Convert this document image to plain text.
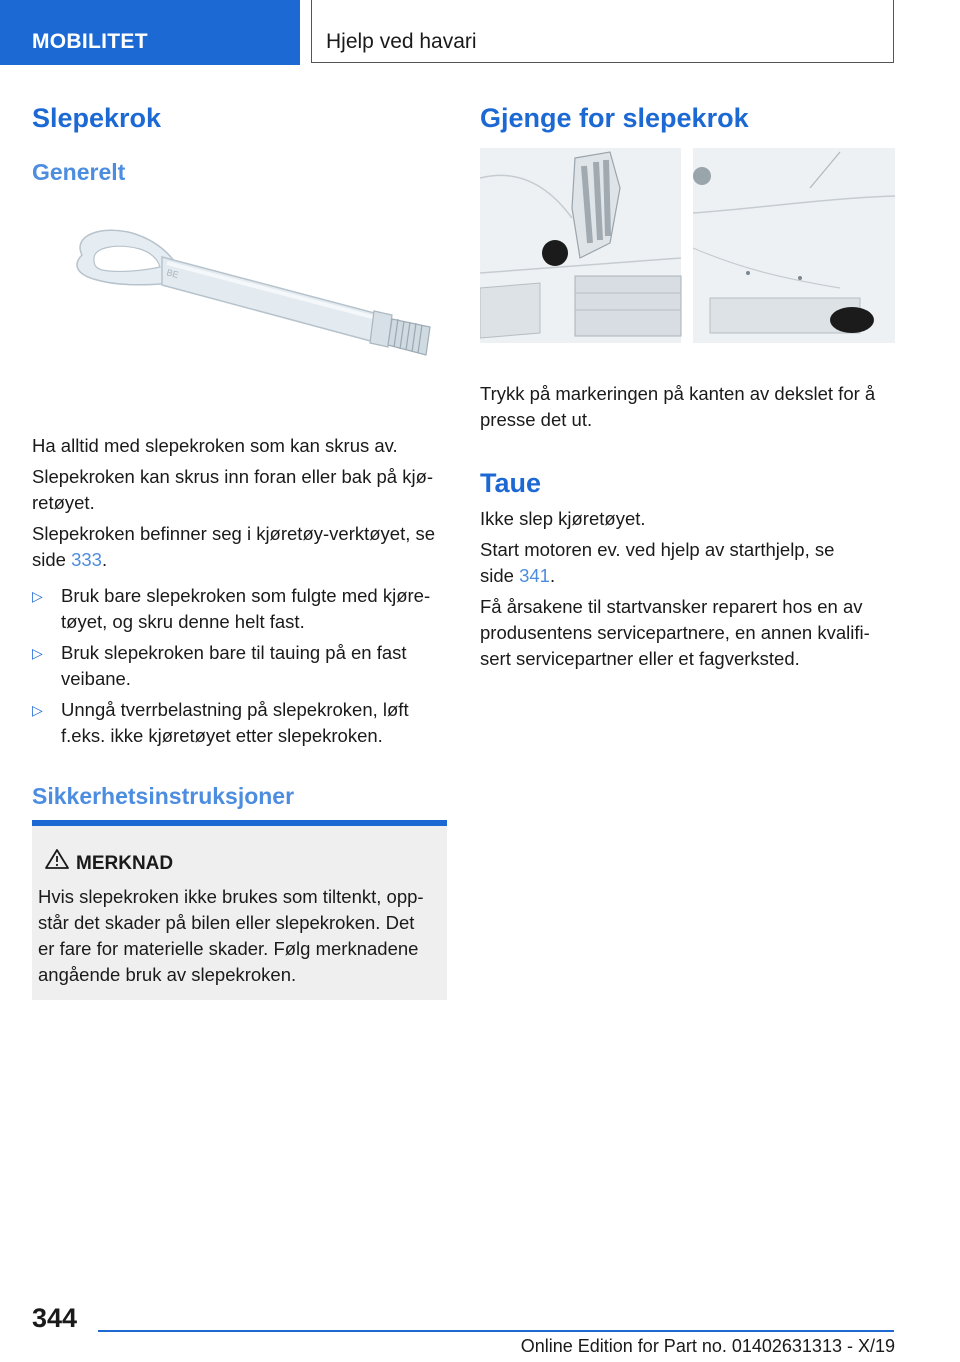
MOBILITET	Hjelp ved havari
Slepekrok
Generelt
BE
Ha alltid med slepekroken som kan skrus av.
Slepekroken kan skrus inn foran eller bak på kjø‐
retøyet.
Slepekroken befinner seg i kjøretøy-verktøyet, se
side 333.
▷ Bruk bare slepekroken som fulgte med kjøre‐
tøyet, og skru denne helt fast.
▷ Bruk slepekroken bare til tauing på en fast
veibane.
▷ Unngå tverrbelastning på slepekroken, løft
f.eks. ikke kjøretøyet etter slepekroken.
Sikkerhetsinstruksjoner
MERKNAD
Hvis slepekroken ikke brukes som tiltenkt, opp‐
står det skader på bilen eller slepekroken. Det
er fare for materielle skader. Følg merknadene
angående bruk av slepekroken.
Gjenge for slepekrok
Trykk på markeringen på kanten av dekslet for å
presse det ut.
Taue
Ikke slep kjøretøyet.
Start motoren ev. ved hjelp av starthjelp, se
side 341.
Få årsakene til startvansker reparert hos en av
produsentens servicepartnere, en annen kvalifi‐
sert servicepartner eller et fagverksted.
344
Online Edition for Part no. 01402631313 - X/19
